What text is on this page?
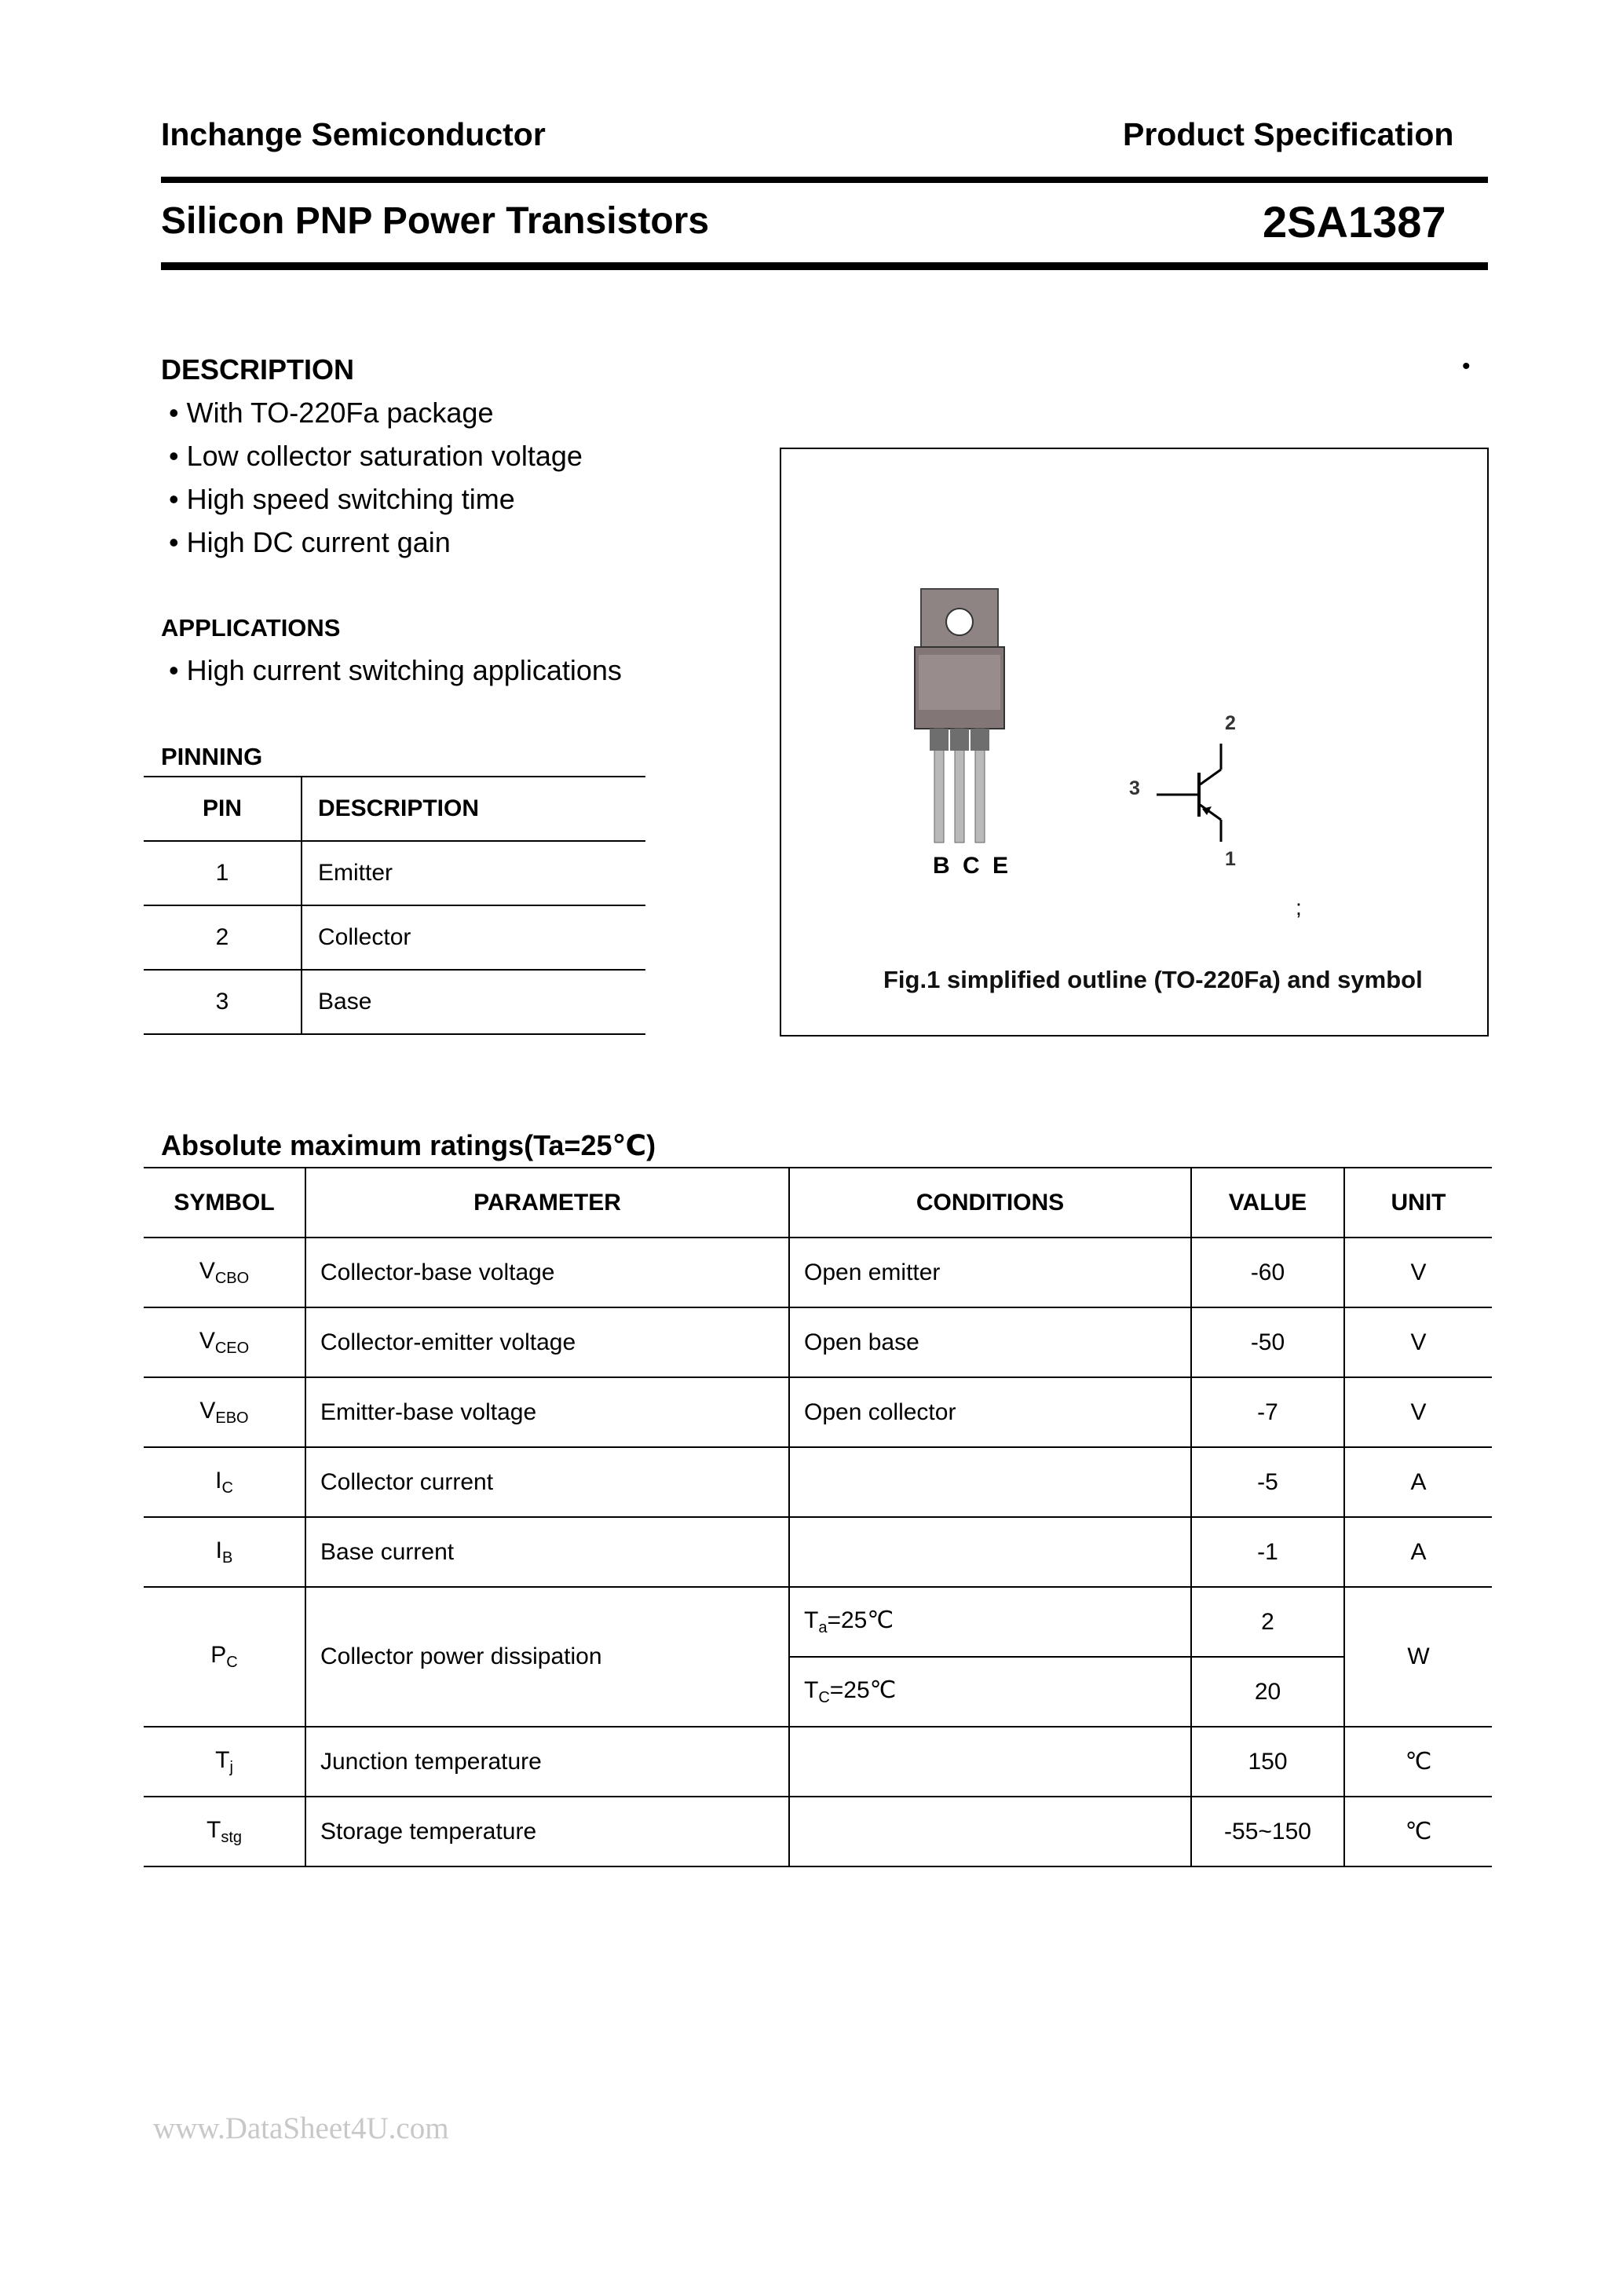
Inchange Semiconductor	Product Specification
Silicon PNP Power Transistors	2SA1387
DESCRIPTION
• With TO-220Fa package
• Low collector saturation voltage
• High speed switching time
• High DC current gain
APPLICATIONS
• High current switching applications
PINNING
PIN	DESCRIPTION
1	Emitter
2	Collector
3	Base
•
B C E
3
2
1
;
Fig.1 simplified outline (TO-220Fa) and symbol
Absolute maximum ratings(Ta=25℃)
SYMBOL	PARAMETER	CONDITIONS	VALUE	UNIT
$V_{CBO}$	Collector-base voltage	Open emitter	-60	V
$V_{CEO}$	Collector-emitter voltage	Open base	-50	V
$V_{EBO}$	Emitter-base voltage	Open collector	-7	V
$I_C$	Collector current		-5	A
$I_B$	Base current		-1	A
$P_C$	Collector power dissipation	$T_a=25℃$	2	W
		$T_C=25℃$	20	
$T_j$	Junction temperature		150	℃
$T_{stg}$	Storage temperature		-55~150	℃
www.DataSheet4U.com
